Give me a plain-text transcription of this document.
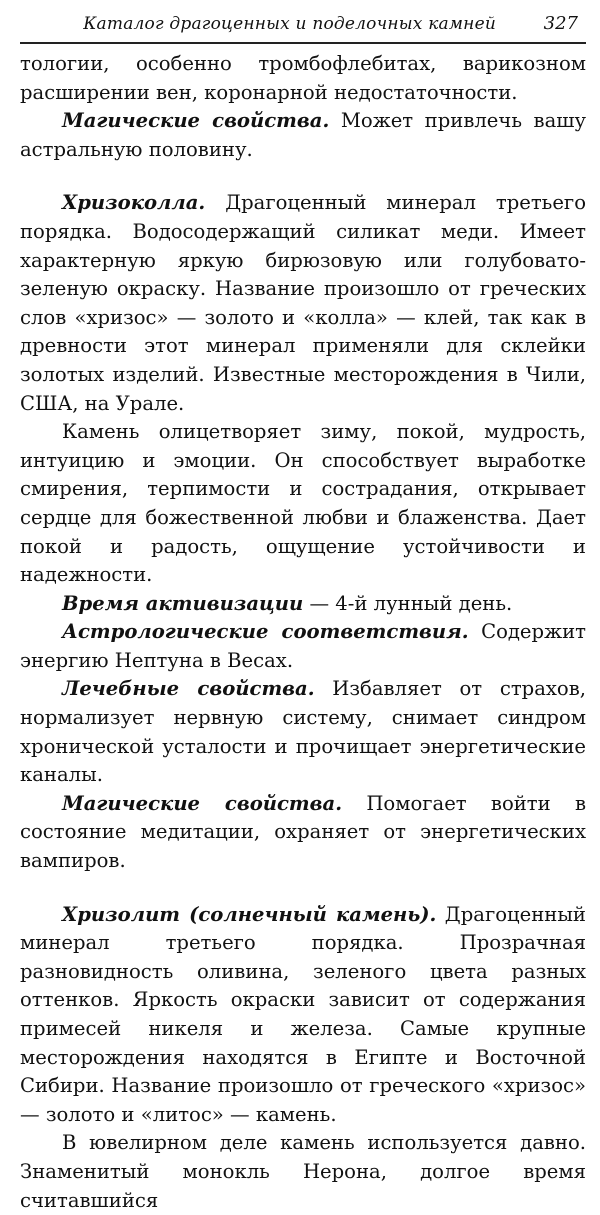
Каталог драгоценных и поделочных камней	327

тологии, особенно тромбофлебитах, варикозном расширении вен, коронарной недостаточности.

Магические свойства. Может привлечь вашу астральную половину.

Хризоколла. Драгоценный минерал третьего порядка. Водосодержащий силикат меди. Имеет характерную яркую бирюзовую или голубовато-зеленую окраску. Название произошло от греческих слов «хризос» — золото и «колла» — клей, так как в древности этот минерал применяли для склейки золотых изделий. Известные месторождения в Чили, США, на Урале.

Камень олицетворяет зиму, покой, мудрость, интуицию и эмоции. Он способствует выработке смирения, терпимости и сострадания, открывает сердце для божественной любви и блаженства. Дает покой и радость, ощущение устойчивости и надежности.

Время активизации — 4-й лунный день.

Астрологические соответствия. Содержит энергию Нептуна в Весах.

Лечебные свойства. Избавляет от страхов, нормализует нервную систему, снимает синдром хронической усталости и прочищает энергетические каналы.

Магические свойства. Помогает войти в состояние медитации, охраняет от энергетических вампиров.

Хризолит (солнечный камень). Драгоценный минерал третьего порядка. Прозрачная разновидность оливина, зеленого цвета разных оттенков. Яркость окраски зависит от содержания примесей никеля и железа. Самые крупные месторождения находятся в Египте и Восточной Сибири. Название произошло от греческого «хризос» — золото и «литос» — камень.

В ювелирном деле камень используется давно. Знаменитый монокль Нерона, долгое время считавшийся
